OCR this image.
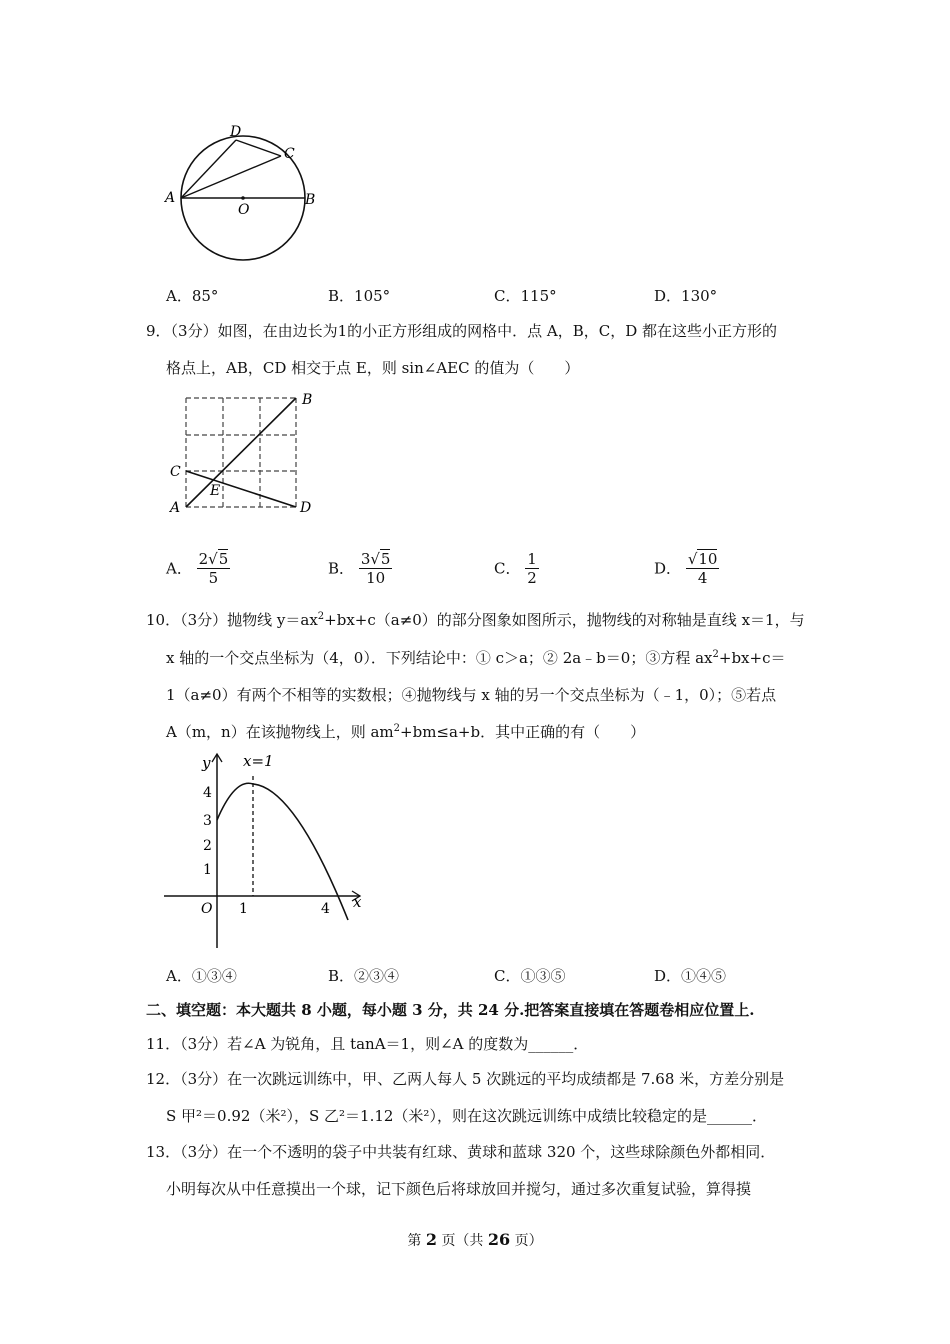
D
C
A
O
B
A．85°	B．105°	C．115°	D．130°
9．（3分）如图，在由边长为1的小正方形组成的网格中．点 A，B，C，D 都在这些小正方形的
格点上，AB，CD 相交于点 E，则 sin∠AEC 的值为（　　）
B
C
E
A	D
A． $\frac{2√5}{5}$	B． $\frac{3√5}{10}$	C． $\frac{1}{2}$	D． $\frac{√10}{4}$
10．（3分）抛物线 $y=ax^2+bx+c(a\ne 0)$的部分图象如图所示，抛物线的对称轴是直线 x＝1，与
x 轴的一个交点坐标为（4，0）．下列结论中：① c＞a；② 2a﹣b＝0；③方程 $ax^2+bx+c=$
1（a≠0）有两个不相等的实数根；④抛物线与 x 轴的另一个交点坐标为（﹣1，0）；⑤若点
A（m，n）在该抛物线上，则 $am^2+bm\le a+b$．其中正确的有（　　）
y
x
x=1
4
3
2
1
O 1	4
A．①③④	B．②③④	C．①③⑤	D．①④⑤
二、填空题：本大题共 8 小题，每小题 3 分，共 24 分.把答案直接填在答题卷相应位置上.
11．（3分）若∠A 为锐角，且 tanA＝1，则∠A 的度数为______．
12．（3分）在一次跳远训练中，甲、乙两人每人 5 次跳远的平均成绩都是 7.68 米，方差分别是
S 甲²＝0.92（米²），S 乙²＝1.12（米²），则在这次跳远训练中成绩比较稳定的是______．
13．（3分）在一个不透明的袋子中共装有红球、黄球和蓝球 320 个，这些球除颜色外都相同．
小明每次从中任意摸出一个球，记下颜色后将球放回并搅匀，通过多次重复试验，算得摸
第 2 页（共 26 页）
